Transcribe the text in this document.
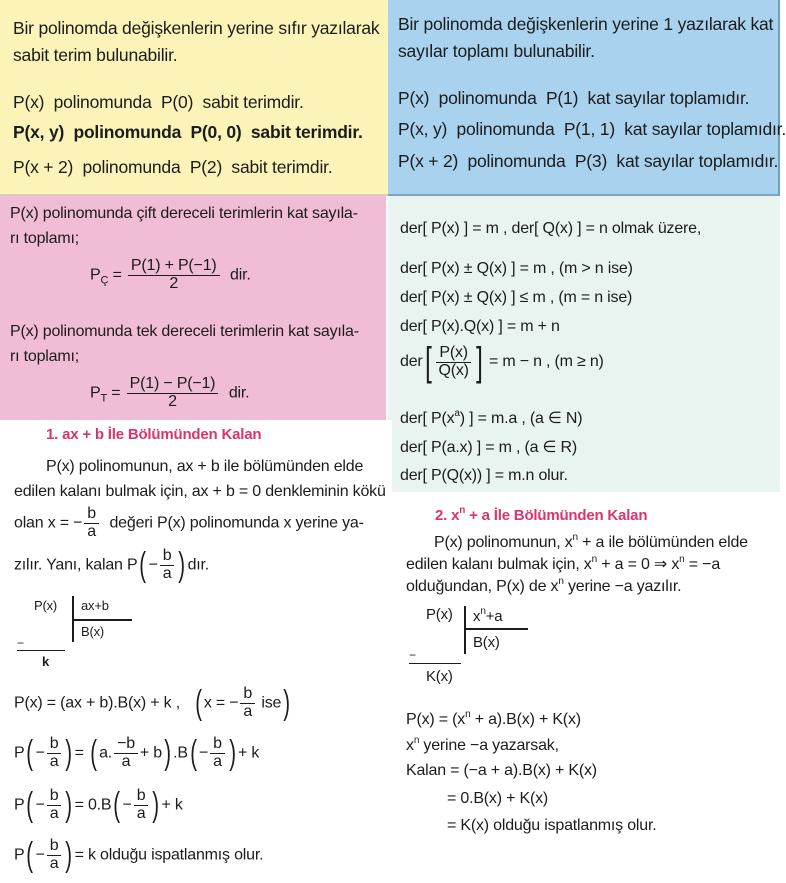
Bir polinomda değişkenlerin yerine sıfır yazılarak
sabit terim bulunabilir.
P(x) polinomunda P(0) sabit terimdir.
P(x, y) polinomunda P(0, 0) sabit terimdir.
P(x + 2) polinomunda P(2) sabit terimdir.
Bir polinomda değişkenlerin yerine 1 yazılarak kat
sayılar toplamı bulunabilir.
P(x) polinomunda P(1) kat sayılar toplamıdır.
P(x, y) polinomunda P(1, 1) kat sayılar toplamıdır.
P(x + 2) polinomunda P(3) kat sayılar toplamıdır.
P(x) polinomunda çift dereceli terimlerin kat sayıla-
rı toplamı;
$P_Ç = \frac{P(1) + P(-1)}{2}$ dir.
P(x) polinomunda tek dereceli terimlerin kat sayıla-
rı toplamı;
$P_T = \frac{P(1) - P(-1)}{2}$ dir.
der[ P(x) ] = m , der[ Q(x) ] = n olmak üzere,
der[ P(x) ± Q(x) ] = m , (m > n ise)
der[ P(x) ± Q(x) ] ≤ m , (m = n ise)
der[ P(x).Q(x) ] = m + n
$der[ \frac{P(x)}{Q(x)}$ ] = m − n , (m ≥ n)
der[ $P(x^a)$ ] = m.a , (a ∈ N)
der[ P(a.x) ] = m , (a ∈ R)
der[ P(Q(x)) ] = m.n olur.
1. ax + b İle Bölümünden Kalan
P(x) polinomunun, ax + b ile bölümünden elde
edilen kalanı bulmak için, ax + b = 0 denkleminin kökü
olan x = − $\frac{b}{a}$ değeri P(x) polinomunda x yerine ya-
zılır. Yanı, kalan $P( - \frac{b}{a}$ ) dır.
P(x) ax+b
B(x)
−
k
P(x) = (ax + b).B(x) + k , ( x = − $\frac{b}{a} ise$)
$P( - \frac{b}{a}$ ) = ( a. $\frac{-b}{a} + b$) $.B( - \frac{b}{a}$ ) + k
$P( - \frac{b}{a}$ ) = $0.B( - \frac{b}{a}$ ) + k
$P( - \frac{b}{a}$ ) = k olduğu ispatlanmış olur.
2. $x^n + a$ İle Bölümünden Kalan
P(x) polinomunun, $x^n + a$ ile bölümünden elde
edilen kalanı bulmak için, $x^n + a = 0$ ⇒ $x^n = -a$
olduğundan, P(x) de $x^n$ yerine −a yazılır.
P(x) $x^n+a$
B(x)
−
K(x)
$P(x) = (x^n + a).B(x) + K(x)$
$x^n$ yerine −a yazarsak,
Kalan = (−a + a).B(x) + K(x)
= 0.B(x) + K(x)
= K(x) olduğu ispatlanmış olur.
